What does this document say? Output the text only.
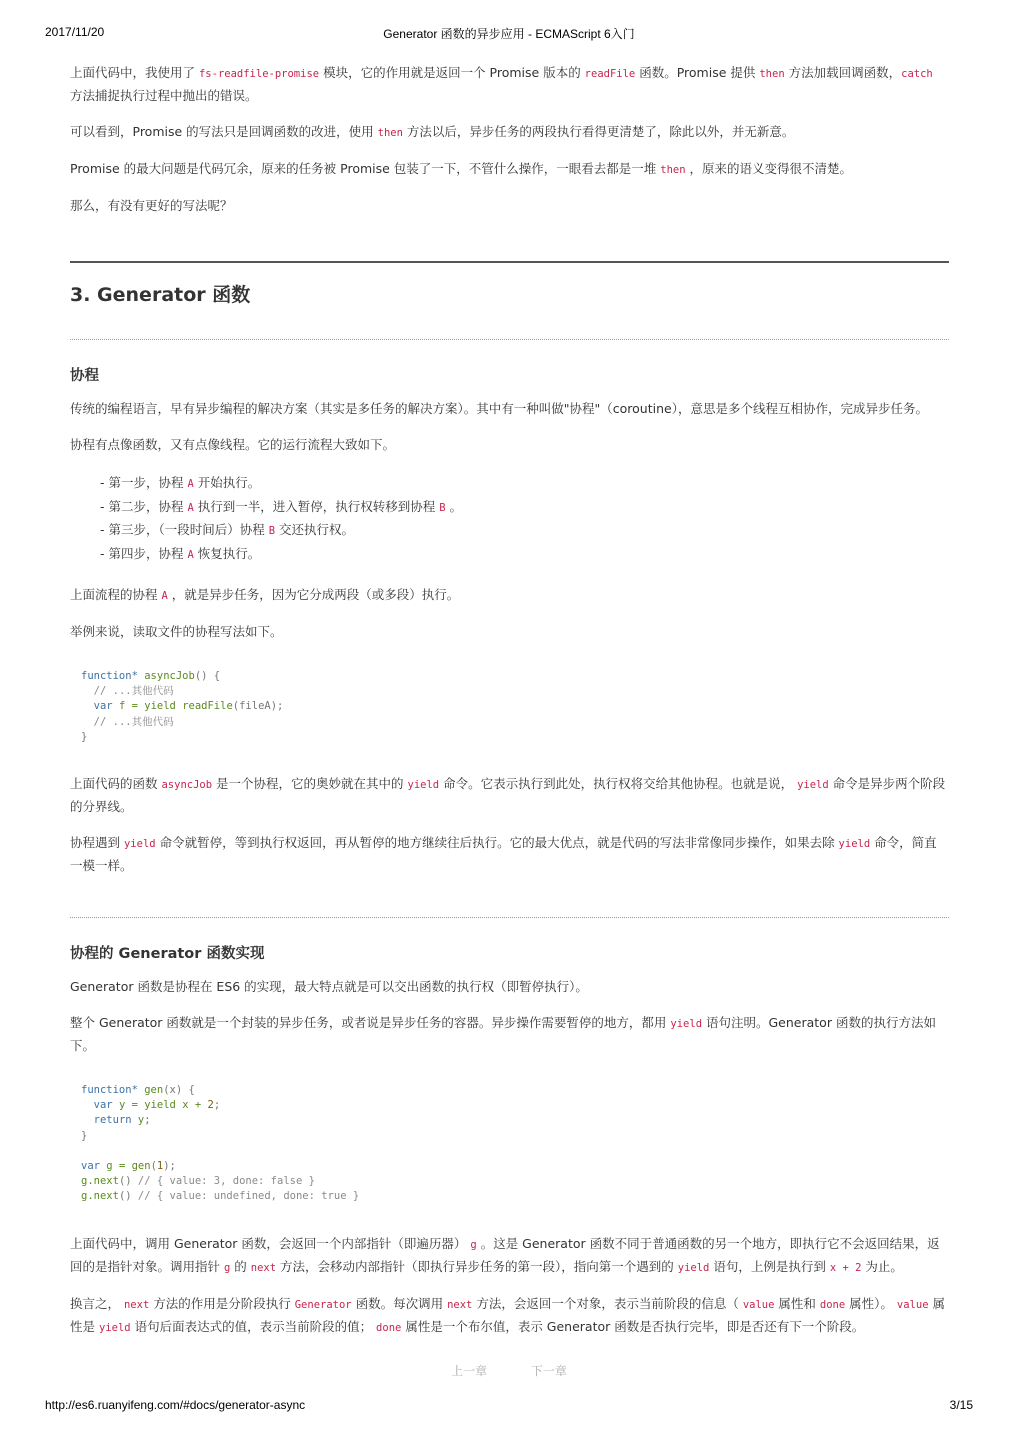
2017/11/20	Generator 函数的异步应用 - ECMAScript 6入门

上面代码中，我使用了 fs-readfile-promise 模块，它的作用就是返回一个 Promise 版本的 readFile 函数。Promise 提供 then 方法加载回调函数，catch 方法捕捉执行过程中抛出的错误。

可以看到，Promise 的写法只是回调函数的改进，使用 then 方法以后，异步任务的两段执行看得更清楚了，除此以外，并无新意。

Promise 的最大问题是代码冗余，原来的任务被 Promise 包装了一下，不管什么操作，一眼看去都是一堆 then ，原来的语义变得很不清楚。

那么，有没有更好的写法呢？

3. Generator 函数
协程

传统的编程语言，早有异步编程的解决方案（其实是多任务的解决方案）。其中有一种叫做"协程"（coroutine），意思是多个线程互相协作，完成异步任务。

协程有点像函数，又有点像线程。它的运行流程大致如下。

- 第一步，协程 A 开始执行。
- 第二步，协程 A 执行到一半，进入暂停，执行权转移到协程 B 。
- 第三步，（一段时间后）协程 B 交还执行权。
- 第四步，协程 A 恢复执行。

上面流程的协程 A ，就是异步任务，因为它分成两段（或多段）执行。

举例来说，读取文件的协程写法如下。

function* asyncJob() {
// ...其他代码
var f = yield readFile(fileA);
// ...其他代码
}

上面代码的函数 asyncJob 是一个协程，它的奥妙就在其中的 yield 命令。它表示执行到此处，执行权将交给其他协程。也就是说， yield 命令是异步两个阶段的分界线。

协程遇到 yield 命令就暂停，等到执行权返回，再从暂停的地方继续往后执行。它的最大优点，就是代码的写法非常像同步操作，如果去除 yield 命令，简直一模一样。

协程的 Generator 函数实现

Generator 函数是协程在 ES6 的实现，最大特点就是可以交出函数的执行权（即暂停执行）。

整个 Generator 函数就是一个封装的异步任务，或者说是异步任务的容器。异步操作需要暂停的地方，都用 yield 语句注明。Generator 函数的执行方法如下。

function* gen(x) {
var y = yield x + 2;
return y;
}

var g = gen(1);
g.next() // { value: 3, done: false }
g.next() // { value: undefined, done: true }

上面代码中，调用 Generator 函数，会返回一个内部指针（即遍历器） g 。这是 Generator 函数不同于普通函数的另一个地方，即执行它不会返回结果，返回的是指针对象。调用指针 g 的 next 方法，会移动内部指针（即执行异步任务的第一段），指向第一个遇到的 yield 语句，上例是执行到 x + 2 为止。

换言之， next 方法的作用是分阶段执行 Generator 函数。每次调用 next 方法，会返回一个对象，表示当前阶段的信息（ value 属性和 done 属性）。 value 属性是 yield 语句后面表达式的值，表示当前阶段的值； done 属性是一个布尔值，表示 Generator 函数是否执行完毕，即是否还有下一个阶段。

上一章	下一章
http://es6.ruanyifeng.com/#docs/generator-async	3/15
